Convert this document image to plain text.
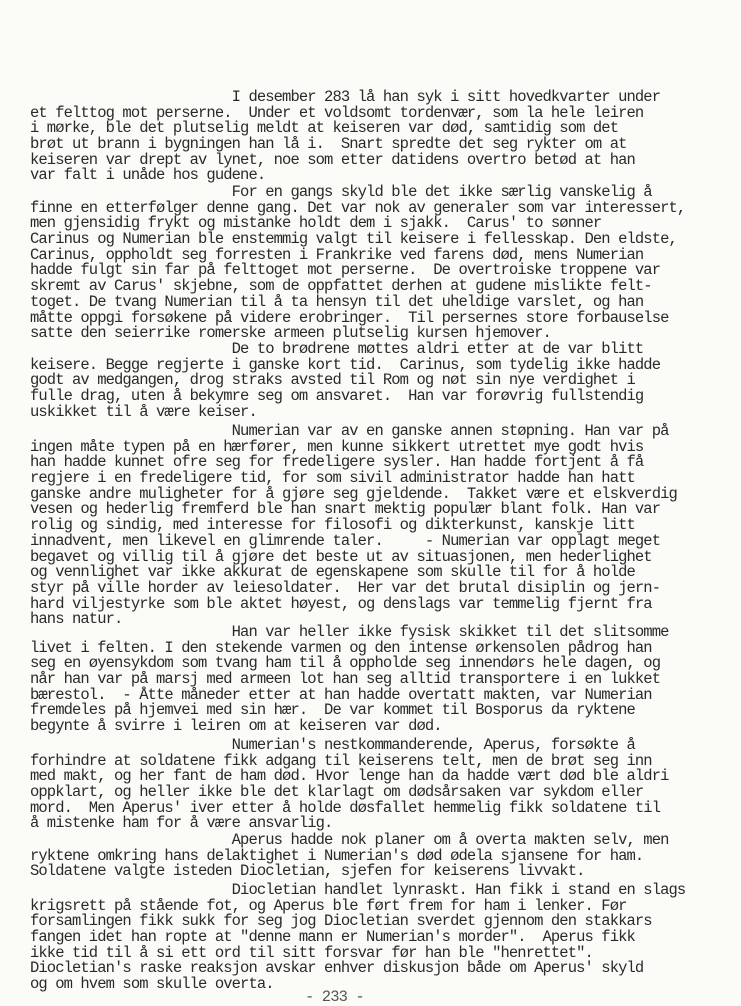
I desember 283 lå han syk i sitt hovedkvarter under
et felttog mot perserne.  Under et voldsomt tordenvær, som la hele leiren
i mørke, ble det plutselig meldt at keiseren var død, samtidig som det
brøt ut brann i bygningen han lå i.  Snart spredte det seg rykter om at
keiseren var drept av lynet, noe som etter datidens overtro betød at han
var falt i unåde hos gudene.
For en gangs skyld ble det ikke særlig vanskelig å
finne en etterfølger denne gang. Det var nok av generaler som var interessert,
men gjensidig frykt og mistanke holdt dem i sjakk.  Carus' to sønner
Carinus og Numerian ble enstemmig valgt til keisere i fellesskap. Den eldste,
Carinus, oppholdt seg forresten i Frankrike ved farens død, mens Numerian
hadde fulgt sin far på felttoget mot perserne.  De overtroiske troppene var
skremt av Carus' skjebne, som de oppfattet derhen at gudene mislikte felt-
toget. De tvang Numerian til å ta hensyn til det uheldige varslet, og han
måtte oppgi forsøkene på videre erobringer.  Til persernes store forbauselse
satte den seierrike romerske armeen plutselig kursen hjemover.
De to brødrene møttes aldri etter at de var blitt
keisere. Begge regjerte i ganske kort tid.  Carinus, som tydelig ikke hadde
godt av medgangen, drog straks avsted til Rom og nøt sin nye verdighet i
fulle drag, uten å bekymre seg om ansvaret.  Han var forøvrig fullstendig
uskikket til å være keiser.
Numerian var av en ganske annen støpning. Han var på
ingen måte typen på en hærfører, men kunne sikkert utrettet mye godt hvis
han hadde kunnet ofre seg for fredeligere sysler. Han hadde fortjent å få
regjere i en fredeligere tid, for som sivil administrator hadde han hatt
ganske andre muligheter for å gjøre seg gjeldende.  Takket være et elskverdig
vesen og hederlig fremferd ble han snart mektig populær blant folk. Han var
rolig og sindig, med interesse for filosofi og dikterkunst, kanskje litt
innadvent, men likevel en glimrende taler.     - Numerian var opplagt meget
begavet og villig til å gjøre det beste ut av situasjonen, men hederlighet
og vennlighet var ikke akkurat de egenskapene som skulle til for å holde
styr på ville horder av leiesoldater.  Her var det brutal disiplin og jern-
hard viljestyrke som ble aktet høyest, og denslags var temmelig fjernt fra
hans natur.
Han var heller ikke fysisk skikket til det slitsomme
livet i felten. I den stekende varmen og den intense ørkensolen pådrog han
seg en øyensykdom som tvang ham til å oppholde seg innendørs hele dagen, og
når han var på marsj med armeen lot han seg alltid transportere i en lukket
bærestol.  - Åtte måneder etter at han hadde overtatt makten, var Numerian
fremdeles på hjemvei med sin hær.  De var kommet til Bosporus da ryktene
begynte å svirre i leiren om at keiseren var død.
Numerian's nestkommanderende, Aperus, forsøkte å
forhindre at soldatene fikk adgang til keiserens telt, men de brøt seg inn
med makt, og her fant de ham død. Hvor lenge han da hadde vært død ble aldri
oppklart, og heller ikke ble det klarlagt om dødsårsaken var sykdom eller
mord.  Men Aperus' iver etter å holde døsfallet hemmelig fikk soldatene til
å mistenke ham for å være ansvarlig.
Aperus hadde nok planer om å overta makten selv, men
ryktene omkring hans delaktighet i Numerian's død ødela sjansene for ham.
Soldatene valgte isteden Diocletian, sjefen for keiserens livvakt.
Diocletian handlet lynraskt. Han fikk i stand en slags
krigsrett på stående fot, og Aperus ble ført frem for ham i lenker. Før
forsamlingen fikk sukk for seg jog Diocletian sverdet gjennom den stakkars
fangen idet han ropte at "denne mann er Numerian's morder".  Aperus fikk
ikke tid til å si ett ord til sitt forsvar før han ble "henrettet".
Diocletian's raske reaksjon avskar enhver diskusjon både om Aperus' skyld
og om hvem som skulle overta.
- 233 -
